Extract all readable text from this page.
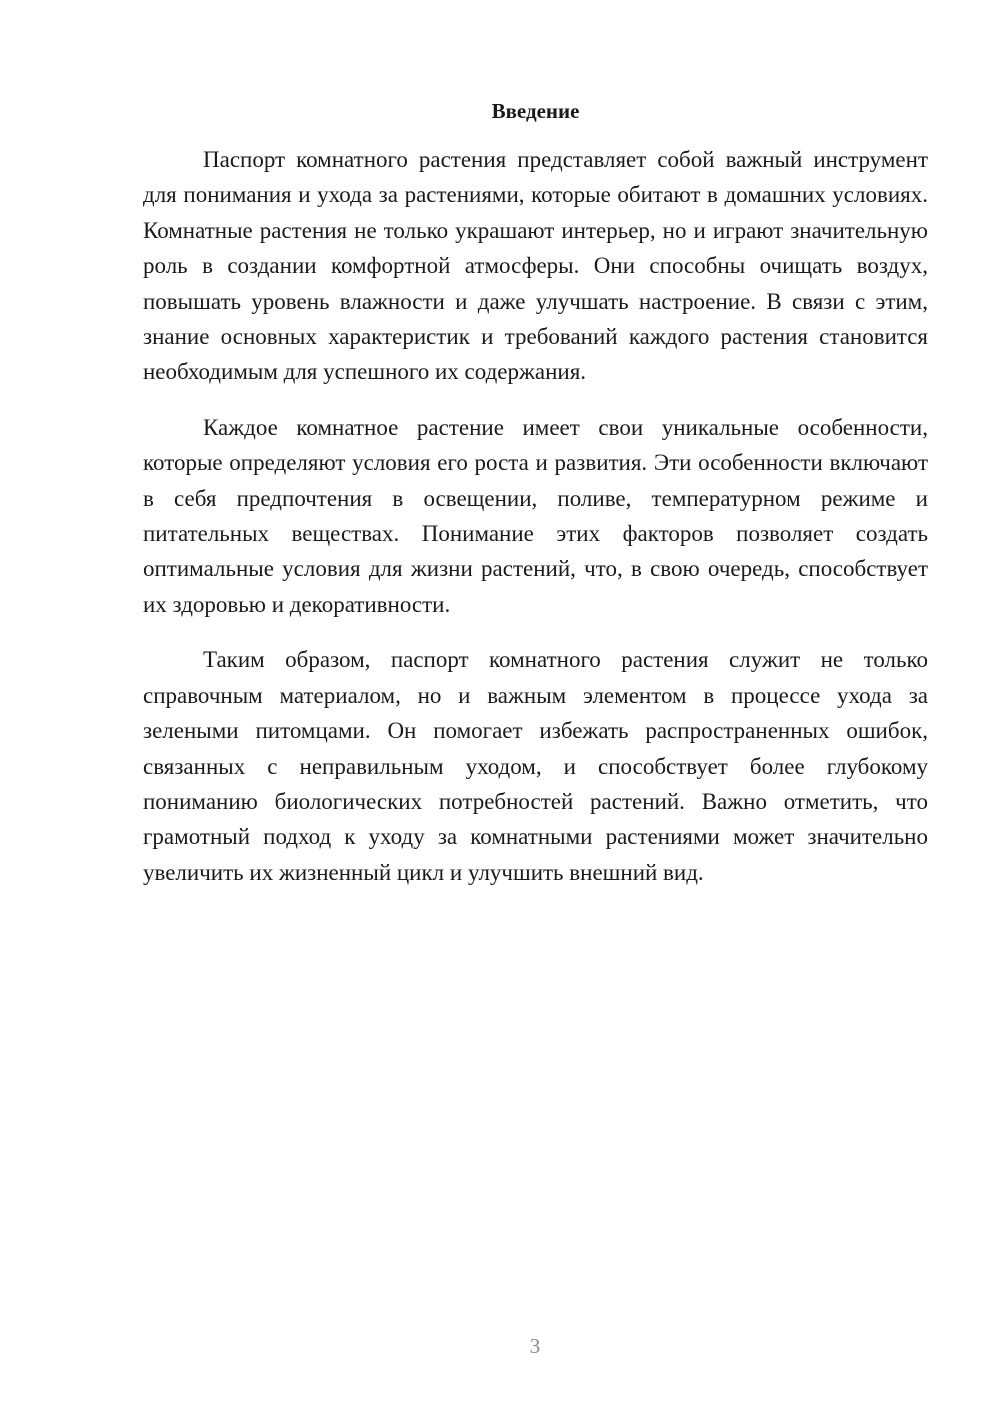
Введение

Паспорт комнатного растения представляет собой важный инструмент для понимания и ухода за растениями, которые обитают в домашних условиях. Комнатные растения не только украшают интерьер, но и играют значительную роль в создании комфортной атмосферы. Они способны очищать воздух, повышать уровень влажности и даже улучшать настроение. В связи с этим, знание основных характеристик и требований каждого растения становится необходимым для успешного их содержания.

Каждое комнатное растение имеет свои уникальные особенности, которые определяют условия его роста и развития. Эти особенности включают в себя предпочтения в освещении, поливе, температурном режиме и питательных веществах. Понимание этих факторов позволяет создать оптимальные условия для жизни растений, что, в свою очередь, способствует их здоровью и декоративности.

Таким образом, паспорт комнатного растения служит не только справочным материалом, но и важным элементом в процессе ухода за зелеными питомцами. Он помогает избежать распространенных ошибок, связанных с неправильным уходом, и способствует более глубокому пониманию биологических потребностей растений. Важно отметить, что грамотный подход к уходу за комнатными растениями может значительно увеличить их жизненный цикл и улучшить внешний вид.

3
